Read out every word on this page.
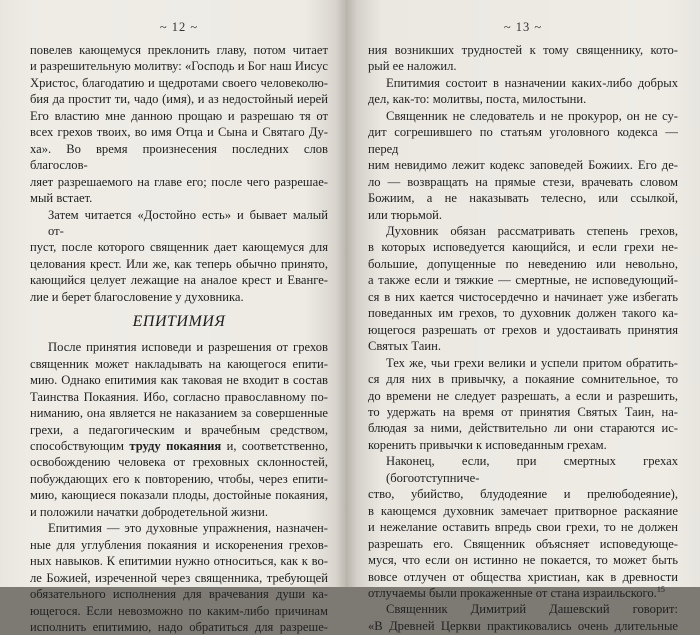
~ 12 ~

повелев кающемуся преклонить главу, потом читает
и разрешительную молитву: «Господь и Бог наш Иисус
Христос, благодатию и щедротами своего человеколю-
бия да простит ти, чадо (имя), и аз недостойный иерей
Его властию мне данною прощаю и разрешаю тя от
всех грехов твоих, во имя Отца и Сына и Святаго Ду-
ха». Во время произнесения последних слов благослов-
ляет разрешаемого на главе его; после чего разрешае-
мый встает.

Затем читается «Достойно есть» и бывает малый от-
пуст, после которого священник дает кающемуся для
целования крест. Или же, как теперь обычно принято,
кающийся целует лежащие на аналое крест и Еванге-
лие и берет благословение у духовника.

ЕПИТИМИЯ

После принятия исповеди и разрешения от грехов
священник может накладывать на кающегося епити-
мию. Однако епитимия как таковая не входит в состав
Таинства Покаяния. Ибо, согласно православному по-
ниманию, она является не наказанием за совершенные
грехи, а педагогическим и врачебным средством,
способствующим труду покаяния и, соответственно,
освобождению человека от греховных склонностей,
побуждающих его к повторению, чтобы, через епити-
мию, кающиеся показали плоды, достойные покаяния,
и положили начатки добродетельной жизни.

Епитимия — это духовные упражнения, назначен-
ные для углубления покаяния и искоренения грехов-
ных навыков. К епитимии нужно относиться, как к во-
ле Божией, изреченной через священника, требующей
обязательного исполнения для врачевания души ка-
ющегося. Если невозможно по каким-либо причинам
исполнить епитимию, надо обратиться для разреше-

~ 13 ~

ния возникших трудностей к тому священнику, кото-
рый ее наложил.

Епитимия состоит в назначении каких-либо добрых
дел, как-то: молитвы, поста, милостыни.

Священник не следователь и не прокурор, он не су-
дит согрешившего по статьям уголовного кодекса — перед
ним невидимо лежит кодекс заповедей Божиих. Его де-
ло — возвращать на прямые стези, врачевать словом
Божиим, а не наказывать телесно, или ссылкой,
или тюрьмой.

Духовник обязан рассматривать степень грехов,
в которых исповедуется кающийся, и если грехи не-
большие, допущенные по неведению или невольно,
а также если и тяжкие — смертные, не исповедующий-
ся в них кается чистосердечно и начинает уже избегать
поведанных им грехов, то духовник должен такого ка-
ющегося разрешать от грехов и удостаивать принятия
Святых Таин.

Тех же, чьи грехи велики и успели притом обратить-
ся для них в привычку, а покаяние сомнительное, то
до времени не следует разрешать, а если и разрешить,
то удержать на время от принятия Святых Таин, на-
блюдая за ними, действительно ли они стараются ис-
коренить привычки к исповеданным грехам.

Наконец, если, при смертных грехах (богоотступниче-
ство, убийство, блудодеяние и прелюбодеяние),
в кающемся духовник замечает притворное раскаяние
и нежелание оставить впредь свои грехи, то не должен
разрешать его. Священник объясняет исповедующе-
муся, что если он истинно не покается, то может быть
вовсе отлучен от общества христиан, как в древности
отлучаемы были прокаженные от стана израильского.$^{15}$

Священник Димитрий Дашевский говорит:
«В Древней Церкви практиковались очень длительные
